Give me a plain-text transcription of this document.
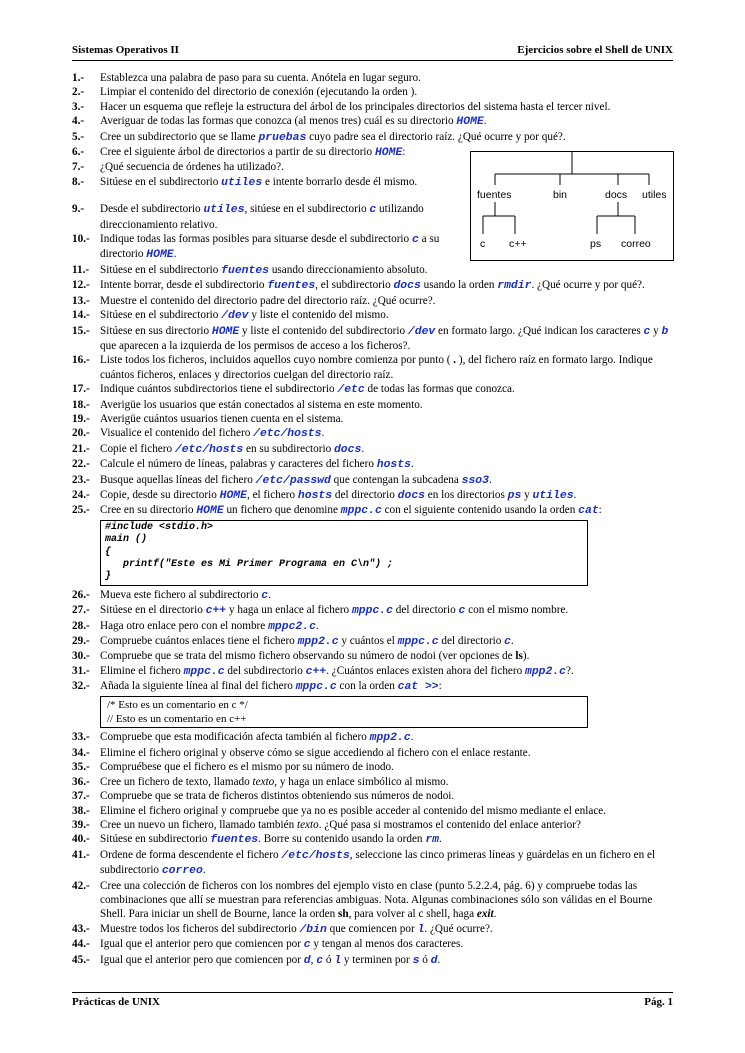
Sistemas Operativos II	Ejercicios sobre el Shell de UNIX
1.- Establezca una palabra de paso para su cuenta. Anótela en lugar seguro.
2.- Limpiar el contenido del directorio de conexión (ejecutando la orden ).
3.- Hacer un esquema que refleje la estructura del árbol de los principales directorios del sistema hasta el tercer nivel.
4.- Averiguar de todas las formas que conozca (al menos tres) cuál es su directorio HOME.
5.- Cree un subdirectorio que se llame pruebas cuyo padre sea el directorio raíz. ¿Qué ocurre y por qué?.
6.- Cree el siguiente árbol de directorios a partir de su directorio HOME:
7.- ¿Qué secuencia de órdenes ha utilizado?.
8.- Sitúese en el subdirectorio utiles e intente borrarlo desde él mismo.
9.- Desde el subdirectorio utiles, sitúese en el subdirectorio c utilizando direccionamiento relativo.
10.- Indique todas las formas posibles para situarse desde el subdirectorio c a su directorio HOME.
11.- Sitúese en el subdirectorio fuentes usando direccionamiento absoluto.
12.- Intente borrar, desde el subdirectorio fuentes, el subdirectorio docs usando la orden rmdir. ¿Qué ocurre y por qué?.
13.- Muestre el contenido del directorio padre del directorio raíz. ¿Qué ocurre?.
14.- Sitúese en el subdirectorio /dev y liste el contenido del mismo.
15.- Sitúese en sus directorio HOME y liste el contenido del subdirectorio /dev en formato largo. ¿Qué indican los caracteres c y b que aparecen a la izquierda de los permisos de acceso a los ficheros?.
16.- Liste todos los ficheros, incluidos aquellos cuyo nombre comienza por punto ( . ), del fichero raíz en formato largo. Indique cuántos ficheros, enlaces y directorios cuelgan del directorio raíz.
17.- Indique cuántos subdirectorios tiene el subdirectorio /etc de todas las formas que conozca.
18.- Averigüe los usuarios que están conectados al sistema en este momento.
19.- Averigüe cuántos usuarios tienen cuenta en el sistema.
20.- Visualice el contenido del fichero /etc/hosts.
21.- Copie el fichero /etc/hosts en su subdirectorio docs.
22.- Calcule el número de líneas, palabras y caracteres del fichero hosts.
23.- Busque aquellas líneas del fichero /etc/passwd que contengan la subcadena sso3.
24.- Copie, desde su directorio HOME, el fichero hosts del directorio docs en los directorios ps y utiles.
25.- Cree en su directorio HOME un fichero que denomine mppc.c con el siguiente contenido usando la orden cat:
#include <stdio.h>
main ()
{
printf("Este es Mi Primer Programa en C\n") ;
}
26.- Mueva este fichero al subdirectorio c.
27.- Sitúese en el directorio c++ y haga un enlace al fichero mppc.c del directorio c con el mismo nombre.
28.- Haga otro enlace pero con el nombre mppc2.c.
29.- Compruebe cuántos enlaces tiene el fichero mpp2.c y cuántos el mppc.c del directorio c.
30.- Compruebe que se trata del mismo fichero observando su número de nodoi (ver opciones de ls).
31.- Elimine el fichero mppc.c del subdirectorio c++. ¿Cuántos enlaces existen ahora del fichero mpp2.c?.
32.- Añada la siguiente línea al final del fichero mppc.c con la orden cat >>:
/* Esto es un comentario en c */
// Esto es un comentario en c++
33.- Compruebe que esta modificación afecta también al fichero mpp2.c.
34.- Elimine el fichero original y observe cómo se sigue accediendo al fichero con el enlace restante.
35.- Compruébese que el fichero es el mismo por su número de inodo.
36.- Cree un fichero de texto, llamado texto, y haga un enlace simbólico al mismo.
37.- Compruebe que se trata de ficheros distintos obteniendo sus números de nodoi.
38.- Elimine el fichero original y compruebe que ya no es posible acceder al contenido del mismo mediante el enlace.
39.- Cree un nuevo un fichero, llamado también texto. ¿Qué pasa si mostramos el contenido del enlace anterior?
40.- Sitúese en subdirectorio fuentes. Borre su contenido usando la orden rm.
41.- Ordene de forma descendente el fichero /etc/hosts, seleccione las cinco primeras líneas y guárdelas en un fichero en el subdirectorio correo.
42.- Cree una colección de ficheros con los nombres del ejemplo visto en clase (punto 5.2.2.4, pág. 6) y compruebe todas las combinaciones que allí se muestran para referencias ambiguas. Nota. Algunas combinaciones sólo son válidas en el Bourne Shell. Para iniciar un shell de Bourne, lance la orden sh, para volver al c shell, haga exit.
43.- Muestre todos los ficheros del subdirectorio /bin que comiencen por l. ¿Qué ocurre?.
44.- Igual que el anterior pero que comiencen por c y tengan al menos dos caracteres.
45.- Igual que el anterior pero que comiencen por d, c ó l y terminen por s ó d.
fuentes	bin	docs utiles
c c++	ps correo
Prácticas de UNIX	Pág. 1
